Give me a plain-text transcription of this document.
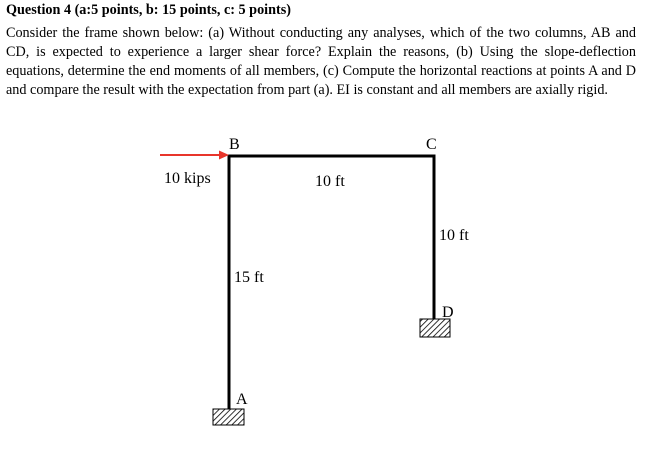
Question 4 (a:5 points, b: 15 points, c: 5 points)
Consider the frame shown below: (a) Without conducting any analyses, which of the two columns, AB and CD, is expected to experience a larger shear force? Explain the reasons, (b) Using the slope-deflection equations, determine the end moments of all members, (c) Compute the horizontal reactions at points A and D and compare the result with the expectation from part (a). EI is constant and all members are axially rigid.
B	C
D
A
10 kips	10 ft
10 ft
15 ft
